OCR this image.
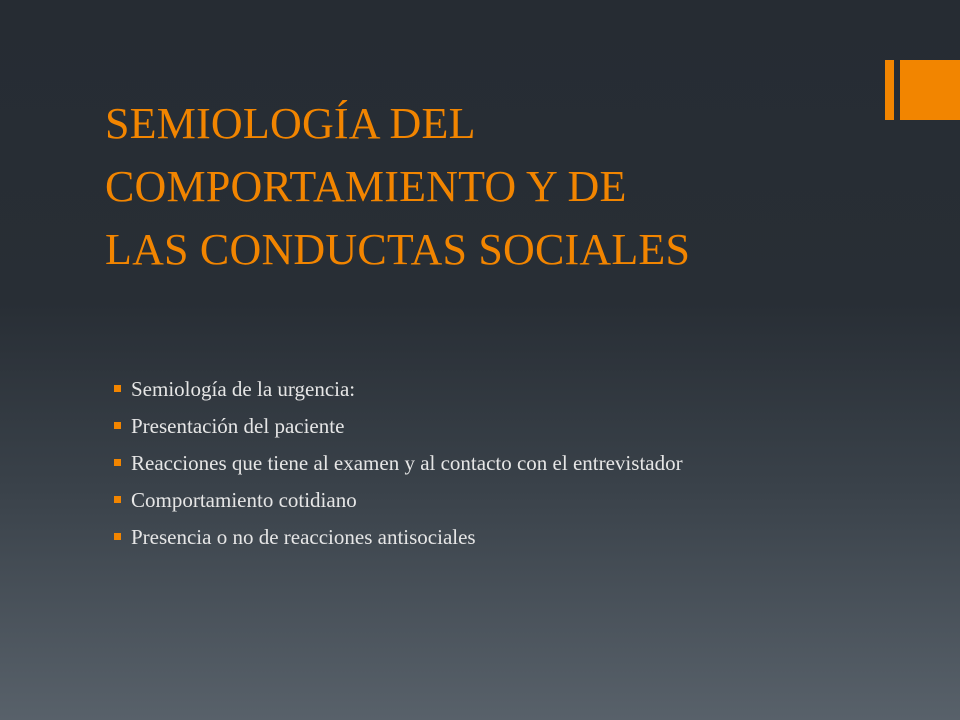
SEMIOLOGÍA DEL
COMPORTAMIENTO Y DE
LAS CONDUCTAS SOCIALES
Semiología de la urgencia:
Presentación del paciente
Reacciones que tiene al examen y al contacto con el entrevistador
Comportamiento cotidiano
Presencia o no de reacciones antisociales
